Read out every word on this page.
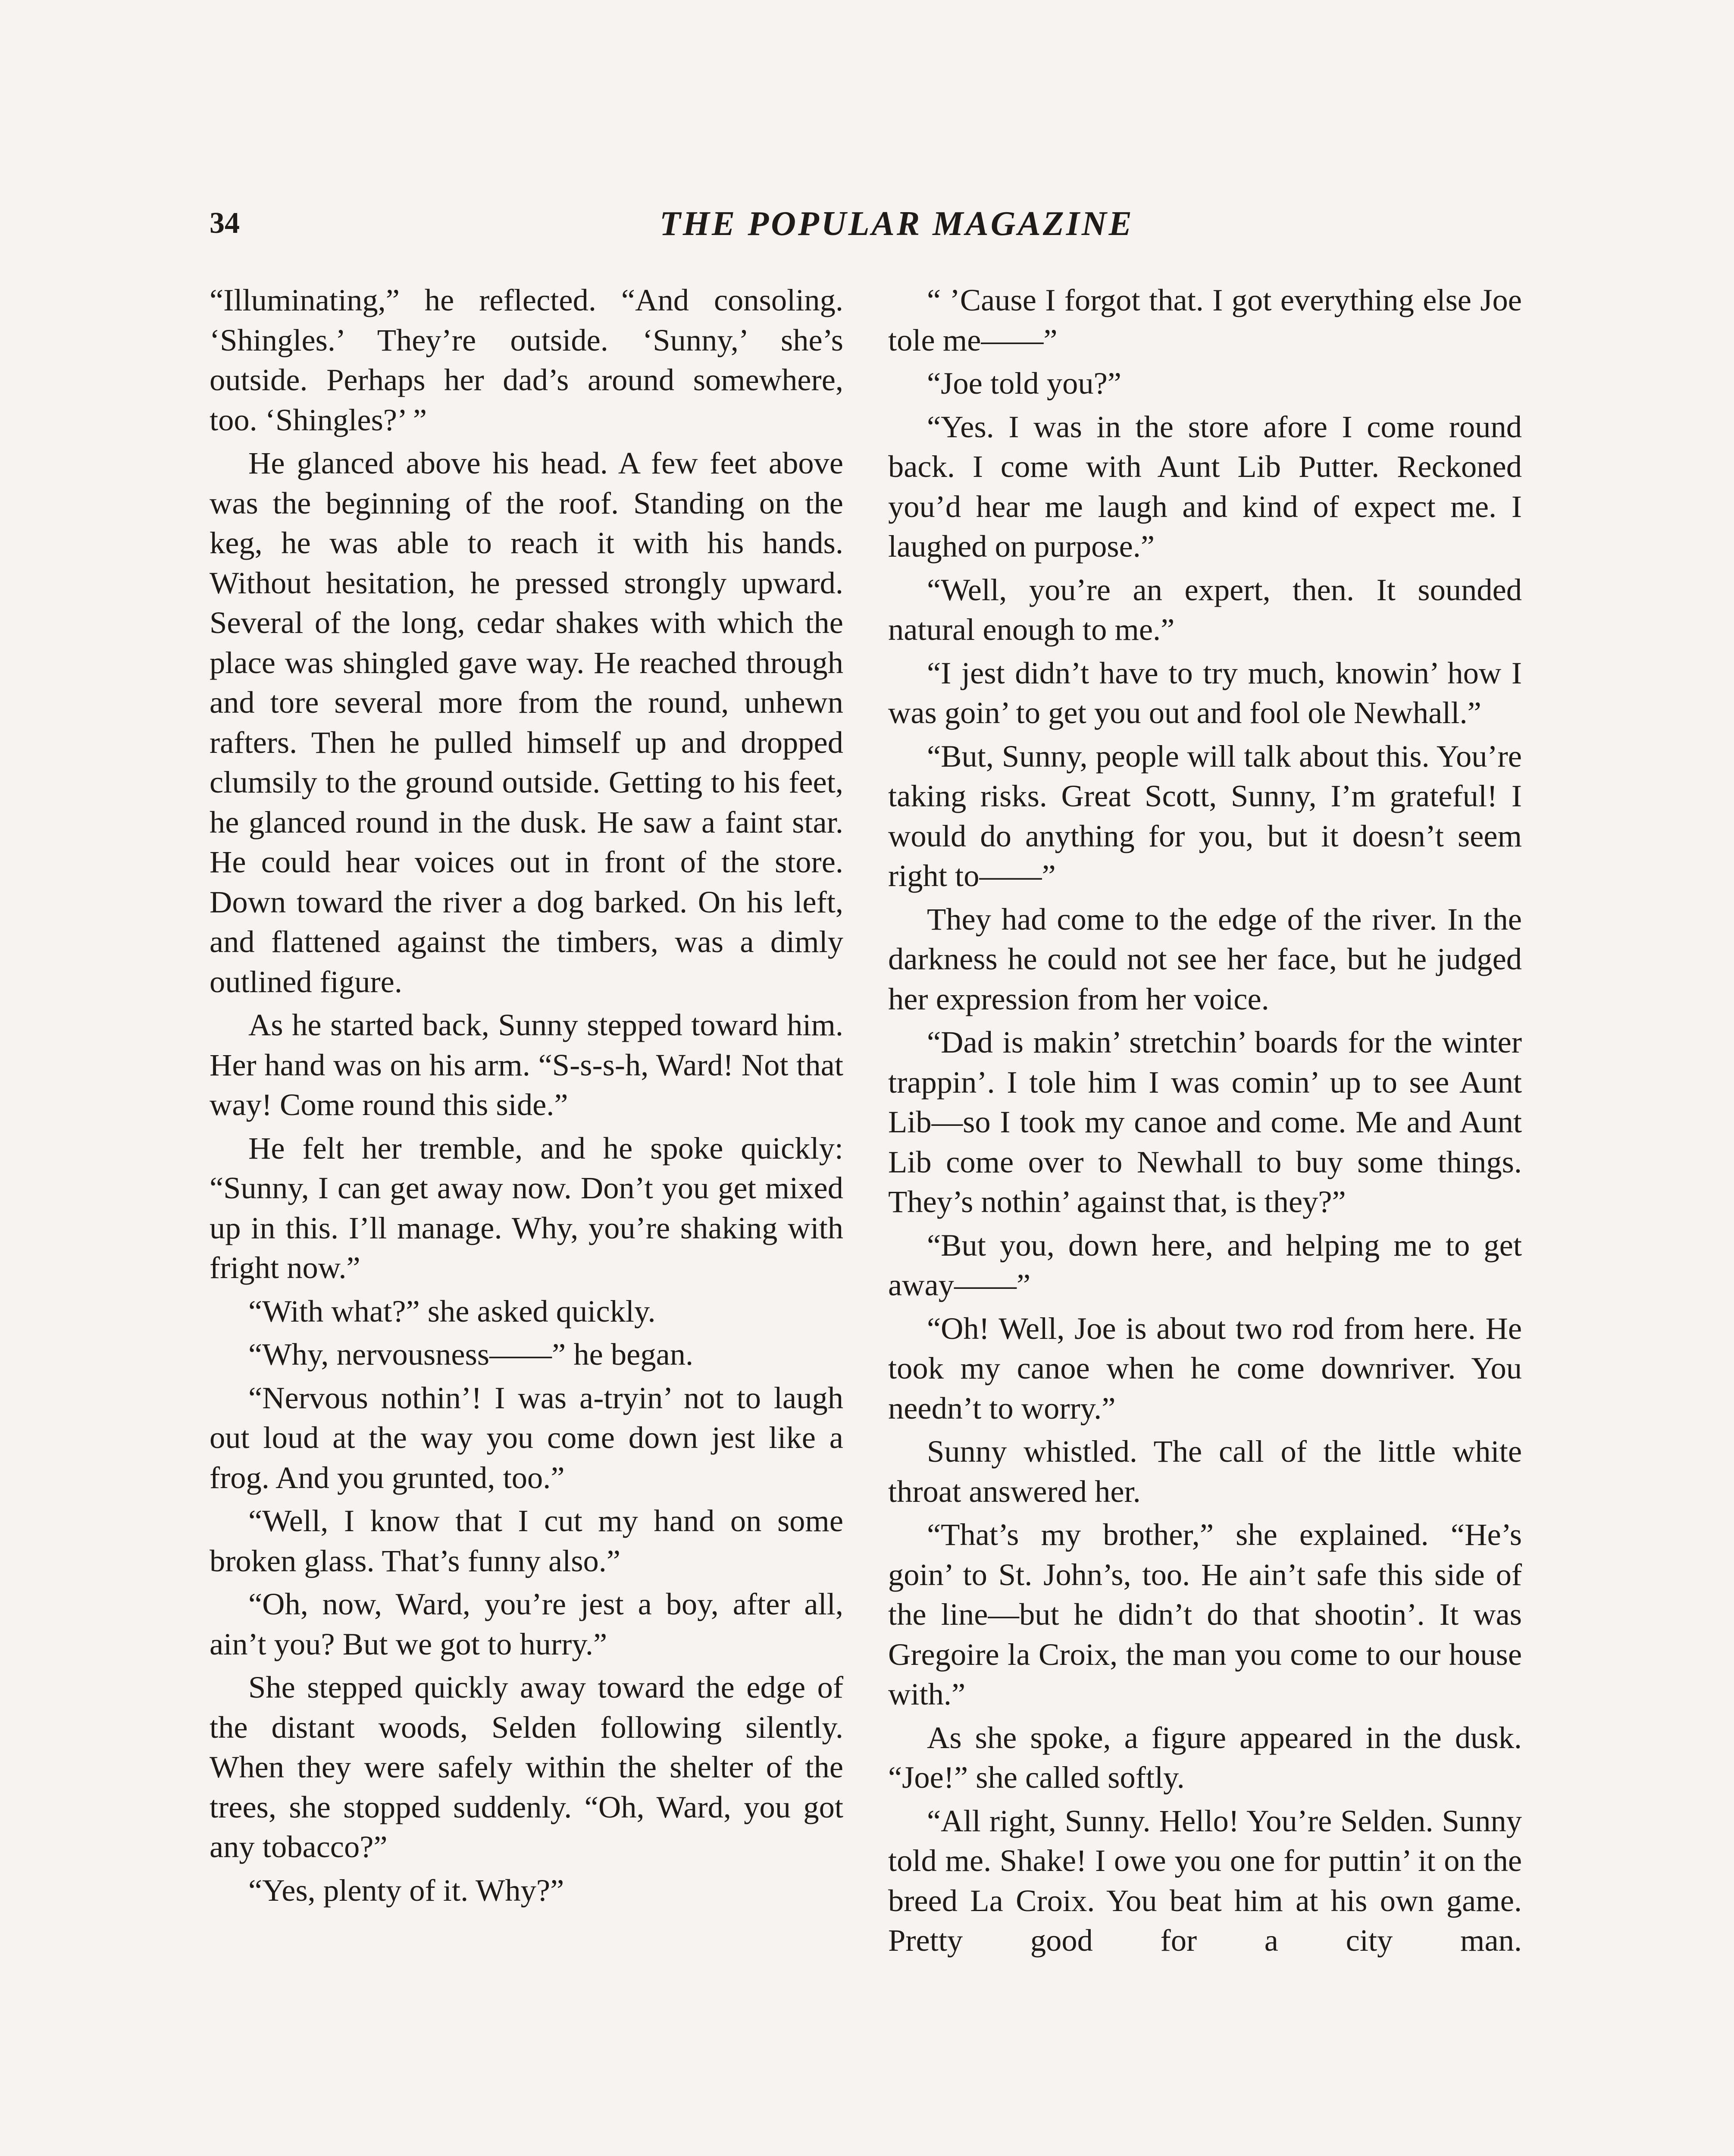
34	THE POPULAR MAGAZINE

“Illuminating,” he reflected. “And consoling. ‘Shingles.’ They’re outside. ‘Sunny,’ she’s outside. Perhaps her dad’s around somewhere, too. ‘Shingles?’ ”

He glanced above his head. A few feet above was the beginning of the roof. Standing on the keg, he was able to reach it with his hands. Without hesitation, he pressed strongly upward. Several of the long, cedar shakes with which the place was shingled gave way. He reached through and tore several more from the round, unhewn rafters. Then he pulled himself up and dropped clumsily to the ground outside. Getting to his feet, he glanced round in the dusk. He saw a faint star. He could hear voices out in front of the store. Down toward the river a dog barked. On his left, and flattened against the timbers, was a dimly outlined figure.

As he started back, Sunny stepped toward him. Her hand was on his arm. “S-s-s-h, Ward! Not that way! Come round this side.”

He felt her tremble, and he spoke quickly: “Sunny, I can get away now. Don’t you get mixed up in this. I’ll manage. Why, you’re shaking with fright now.”

“With what?” she asked quickly.

“Why, nervousness——” he began.

“Nervous nothin’! I was a-tryin’ not to laugh out loud at the way you come down jest like a frog. And you grunted, too.”

“Well, I know that I cut my hand on some broken glass. That’s funny also.”

“Oh, now, Ward, you’re jest a boy, after all, ain’t you? But we got to hurry.”

She stepped quickly away toward the edge of the distant woods, Selden following silently. When they were safely within the shelter of the trees, she stopped suddenly. “Oh, Ward, you got any tobacco?”

“Yes, plenty of it. Why?”

“ ’Cause I forgot that. I got everything else Joe tole me——”

“Joe told you?”

“Yes. I was in the store afore I come round back. I come with Aunt Lib Putter. Reckoned you’d hear me laugh and kind of expect me. I laughed on purpose.”

“Well, you’re an expert, then. It sounded natural enough to me.”

“I jest didn’t have to try much, knowin’ how I was goin’ to get you out and fool ole Newhall.”

“But, Sunny, people will talk about this. You’re taking risks. Great Scott, Sunny, I’m grateful! I would do anything for you, but it doesn’t seem right to——”

They had come to the edge of the river. In the darkness he could not see her face, but he judged her expression from her voice.

“Dad is makin’ stretchin’ boards for the winter trappin’. I tole him I was comin’ up to see Aunt Lib—so I took my canoe and come. Me and Aunt Lib come over to Newhall to buy some things. They’s nothin’ against that, is they?”

“But you, down here, and helping me to get away——”

“Oh! Well, Joe is about two rod from here. He took my canoe when he come downriver. You needn’t to worry.”

Sunny whistled. The call of the little white throat answered her.

“That’s my brother,” she explained. “He’s goin’ to St. John’s, too. He ain’t safe this side of the line—but he didn’t do that shootin’. It was Gregoire la Croix, the man you come to our house with.”

As she spoke, a figure appeared in the dusk. “Joe!” she called softly.

“All right, Sunny. Hello! You’re Selden. Sunny told me. Shake! I owe you one for puttin’ it on the breed La Croix. You beat him at his own game. Pretty good for a city man.
